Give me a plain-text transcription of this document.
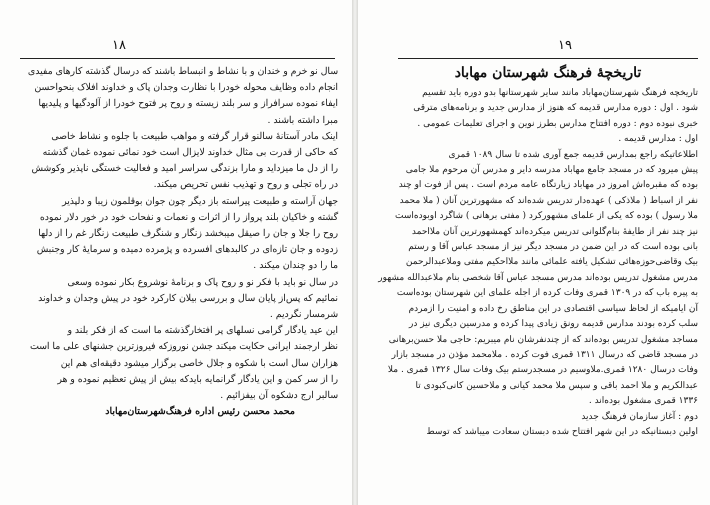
۱۸

سال نو خرم و خندان و با نشاط و انبساط باشند که درسال گذشته کارهای مفیدی

انجام داده وظایف محوله خودرا با نظارت وجدان پاک و خداوند افلاک بنحواحسن

ایفاء نموده سرافراز و سر بلند زیسته و روح پر فتوح خودرا از آلودگیها و پلیدیها

مبرا داشته باشند .

اینک مادر آستانهٔ سالنو قرار گرفته و مواهب طبیعت با جلوه و نشاط خاصی

که حاکی از قدرت بی مثال خداوند لایزال است خود نمائی نموده غمان گذشته

را از دل ما میزداید و مارا بزندگی سراسر امید و فعالیت خستگی ناپذیر وکوشش

در راه تجلی و روح و تهذیب نفس تحریص میکند.

جهان آراسته و طبیعت پیراسته باز دیگر چون جوان بوقلمون زیبا و دلپذیر

گشته و خاکیان بلند پرواز را از اثرات و نعمات و نفحات خود در خور دلار نموده

روح را جلا و جان را صیقل میبخشد زنگار و شنگرف طبیعت زنگار غم را از دلها

زدوده و جان تازه‌ای در کالبدهای افسرده و پژمرده دمیده و سرمایهٔ کار وجنبش

ما را دو چندان میکند .

در سال نو باید با فکر نو و روح پاک و برنامهٔ نوشروع بکار نموده وسعی

نمائیم که پس‌از پایان سال و بررسی بیلان کارکرد خود در پیش وجدان و خداوند

شرمسار نگردیم .

این عید یادگار گرامی نسلهای پر افتخارگذشته ما است که از فکر بلند و

نظر ارجمند ایرانی حکایت میکند جشن نوروزکه فیروزترین جشنهای علی ما است

هزاران سال است با شکوه و جلال خاصی برگزار میشود دقیقه‌ای هم این

را از سر کمن و این یادگار گرانمایه بایدکه بیش از پیش تعظیم نموده و هر

سالبر ارج دشکوه آن بیفزائیم .

محمد محسن رئیس اداره فرهنگ‌شهرستان‌مهاباد
۱۹
تاریخچهٔ فرهنگ شهرستان مهاباد

تاریخچه فرهنگ شهرستان‌مهاباد مانند سایر شهرستانها بدو دوره باید تقسیم

شود . اول : دوره مدارس قدیمه که هنوز از مدارس جدید و برنامه‌های مترقی

خبری نبوده دوم : دوره افتتاح مدارس بطرز نوین و اجرای تعلیمات عمومی .

اول : مدارس قدیمه .

اطلاعاتیکه راجع بمدارس قدیمه جمع آوری شده تا سال ۱۰۸۹ قمری

پیش میرود که در مسجد جامع مهاباد مدرسه دایر و مدرس آن مرحوم ملا جامی

بوده که مقبره‌اش امروز در مهاباد زیارتگاه عامه مردم است . پس از فوت او چند

نفر از اسباط ( ملاذکی ) عهده‌دار تدریس شده‌اند که مشهورترین آنان ( ملا محمد

ملا رسول ) بوده که یکی از علمای مشهورکرد ( مفتی برهانی ) شاگرد اوبوده‌است

نیز چند نفر از طایفهٔ بنام‌گلوانی تدریس میکرده‌اند کهمشهورترین آنان ملااحمد

بانی بوده است که در این ضمن در مسجد دیگر نیز از مسجد عباس آقا و رستم

بیک وقاضی‌حوزه‌هائی تشکیل‌ یافته علمائی مانند ملااحکیم مفتی وملاعبدالرحمن

مدرس مشغول تدریس بوده‌اند مدرس مسجد عباس آقا شخصی بنام ملاعبدالله مشهور

به پیره باب که در ۱۳۰۹ قمری وفات کرده از اجله علمای این شهرستان بوده‌است

آن ایامیکه از لحاظ سیاسی اقتصادی در این مناطق رخ داده و امنیت را ازمردم

سلب کرده بودند مدارس قدیمه رونق زیادی پیدا کرده و مدرسین دیگری نیز در

مساجد مشغول تدریس بوده‌اند که از چندنفرشان نام میبریم: حاجی ملا حسن‌برهانی

در مسجد قاضی که درسال ۱۳۱۱ قمری فوت کرده . ملامحمد مؤذن در مسجد بازار

وفات درسال ۱۲۸۰ قمری.ملاوسیم در مسجدرستم بیک وفات سال ۱۳۲۶ قمری . ملا

عبدالکریم و ملا احمد باقی و سپس ملا محمد کیانی و ملاحسین کانی‌کبودی تا

۱۳۳۶ قمری مشغول بوده‌اند .

دوم : آغاز سازمان فرهنگ جدید

اولین دبستانیکه در این شهر افتتاح شده دبستان سعادت میباشد که توسط
